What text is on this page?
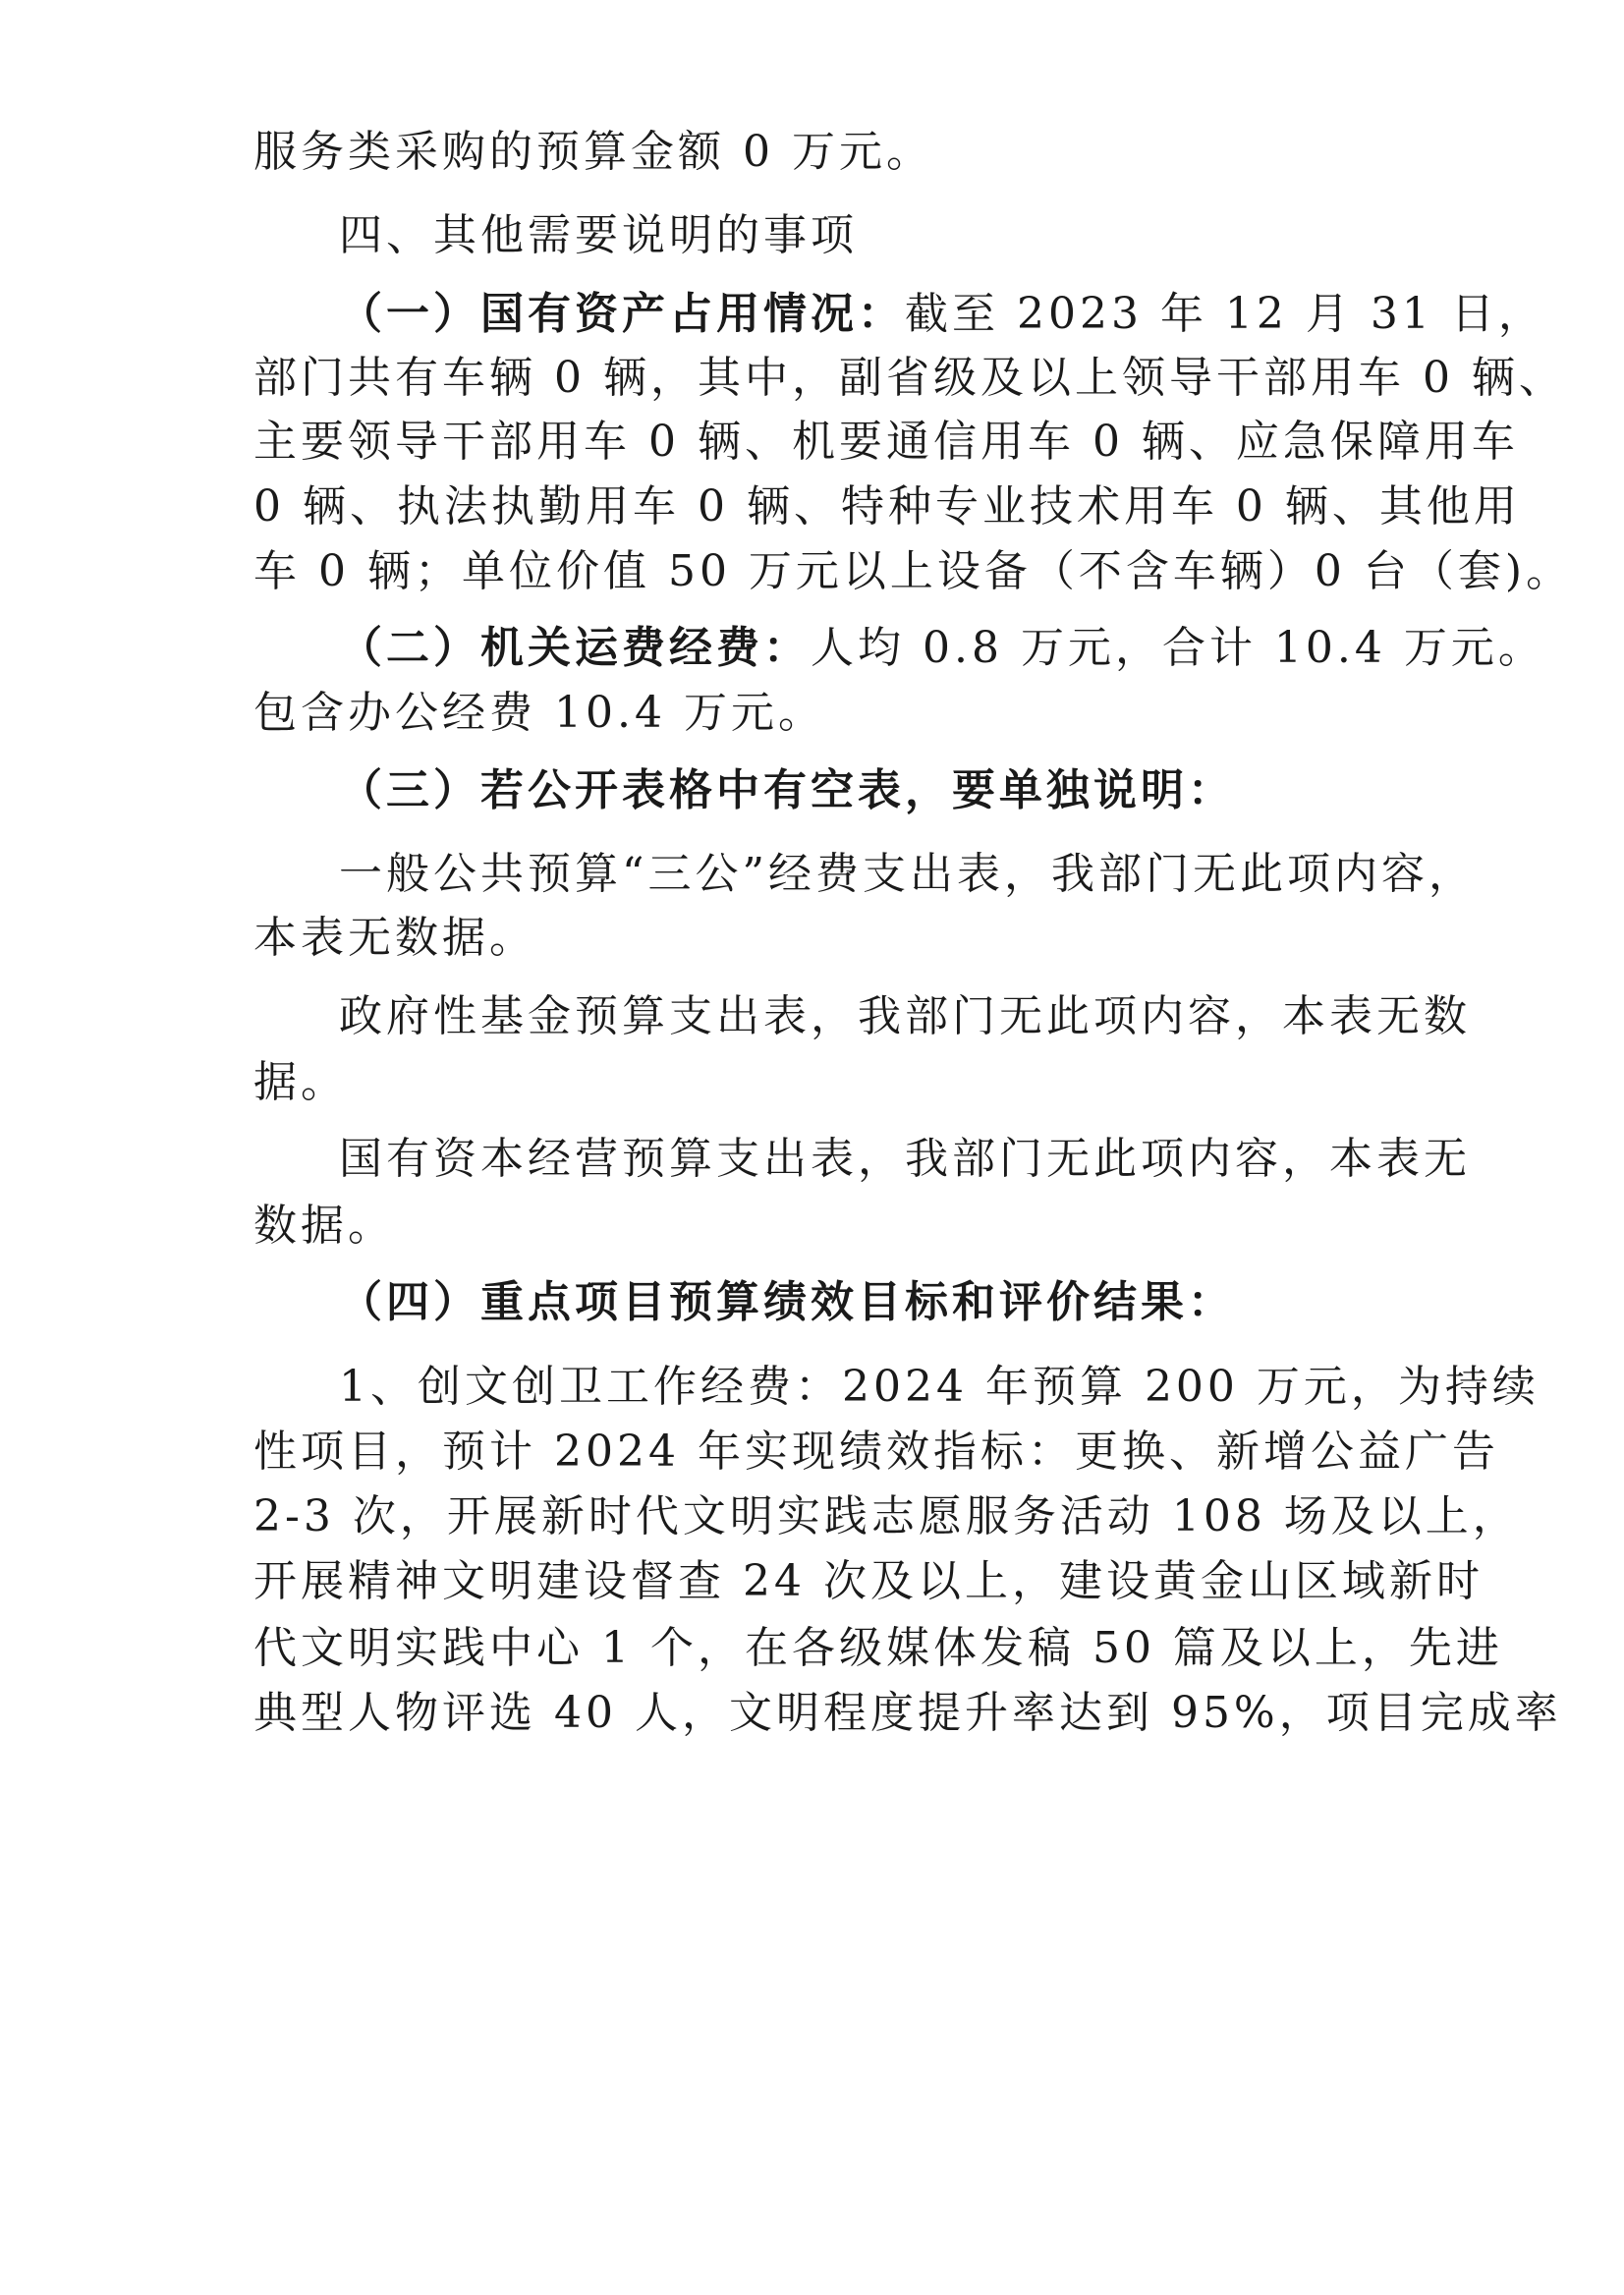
服务类采购的预算金额 0 万元。
四、其他需要说明的事项
（一）国有资产占用情况：截至 2023 年 12 月 31 日，
部门共有车辆 0 辆，其中，副省级及以上领导干部用车 0 辆、
主要领导干部用车 0 辆、机要通信用车 0 辆、应急保障用车
0 辆、执法执勤用车 0 辆、特种专业技术用车 0 辆、其他用
车 0 辆；单位价值 50 万元以上设备（不含车辆）0 台（套)。
（二）机关运费经费：人均 0.8 万元，合计 10.4 万元。
包含办公经费 10.4 万元。
（三）若公开表格中有空表，要单独说明：
一般公共预算“三公”经费支出表，我部门无此项内容，
本表无数据。
政府性基金预算支出表，我部门无此项内容，本表无数
据。
国有资本经营预算支出表，我部门无此项内容，本表无
数据。
（四）重点项目预算绩效目标和评价结果：
1、创文创卫工作经费：2024 年预算 200 万元，为持续
性项目，预计 2024 年实现绩效指标：更换、新增公益广告
2-3 次，开展新时代文明实践志愿服务活动 108 场及以上，
开展精神文明建设督查 24 次及以上，建设黄金山区域新时
代文明实践中心 1 个，在各级媒体发稿 50 篇及以上，先进
典型人物评选 40 人，文明程度提升率达到 95%，项目完成率
